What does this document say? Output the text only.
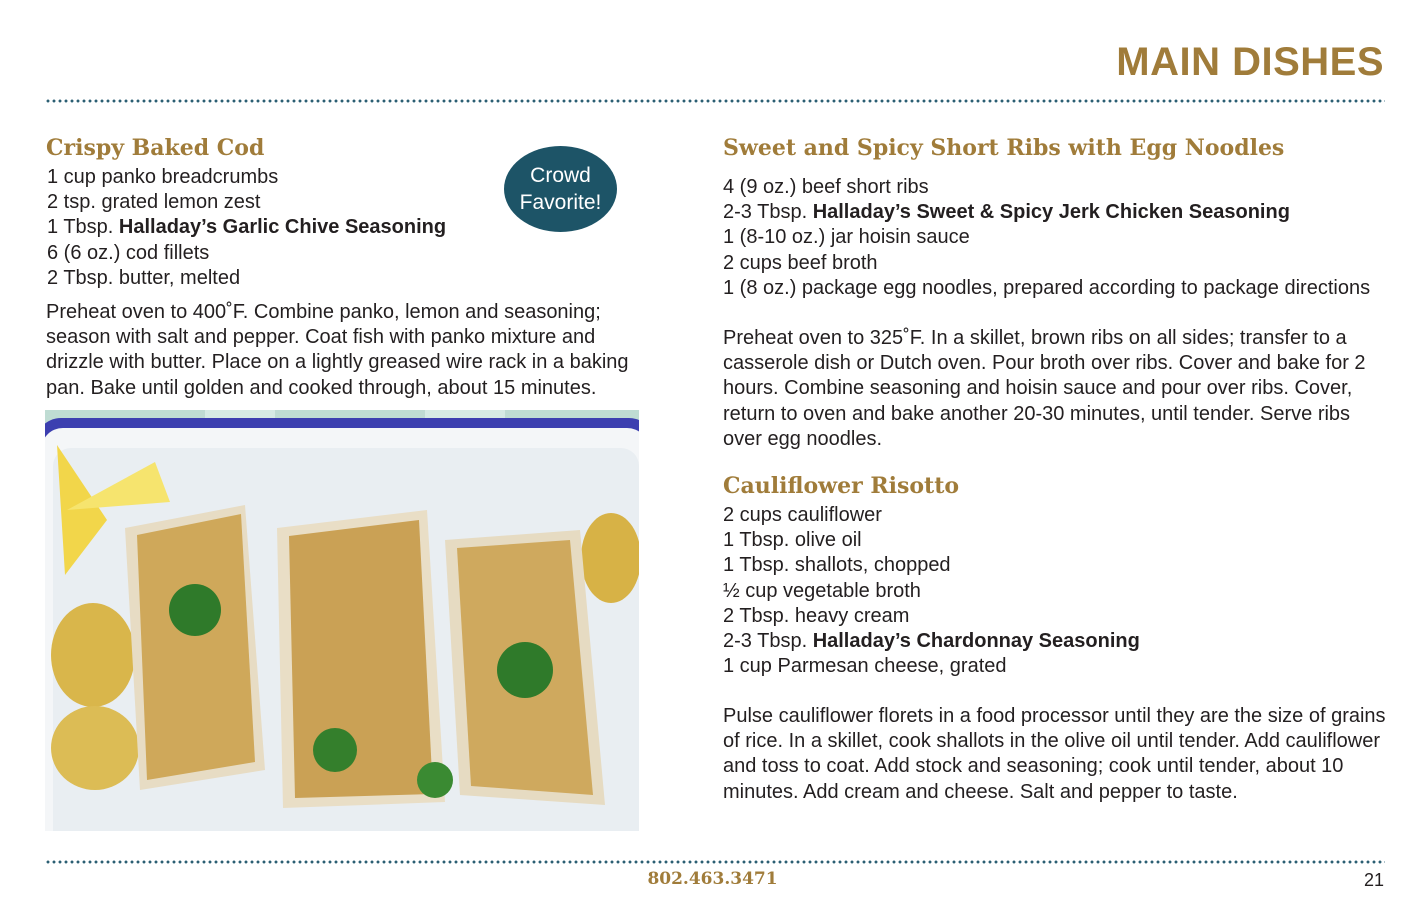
MAIN DISHES
Crispy Baked Cod
1 cup panko breadcrumbs
2 tsp. grated lemon zest
1 Tbsp. Halladay’s Garlic Chive Seasoning
6 (6 oz.) cod fillets
2 Tbsp. butter, melted
Crowd
Favorite!

Preheat oven to 400˚F. Combine panko, lemon and seasoning; season with salt and pepper. Coat fish with panko mixture and drizzle with butter. Place on a lightly greased wire rack in a baking pan. Bake until golden and cooked through, about 15 minutes.

Sweet and Spicy Short Ribs with Egg Noodles
4 (9 oz.) beef short ribs
2-3 Tbsp. Halladay’s Sweet & Spicy Jerk Chicken Seasoning
1 (8-10 oz.) jar hoisin sauce
2 cups beef broth
1 (8 oz.) package egg noodles, prepared according to package directions

Preheat oven to 325˚F. In a skillet, brown ribs on all sides; transfer to a casserole dish or Dutch oven. Pour broth over ribs. Cover and bake for 2 hours. Combine seasoning and hoisin sauce and pour over ribs. Cover, return to oven and bake another 20-30 minutes, until tender. Serve ribs over egg noodles.

Cauliflower Risotto
2 cups cauliflower
1 Tbsp. olive oil
1 Tbsp. shallots, chopped
½ cup vegetable broth
2 Tbsp. heavy cream
2-3 Tbsp. Halladay’s Chardonnay Seasoning
1 cup Parmesan cheese, grated

Pulse cauliflower florets in a food processor until they are the size of grains of rice. In a skillet, cook shallots in the olive oil until tender. Add cauliflower and toss to coat. Add stock and seasoning; cook until tender, about 10 minutes. Add cream and cheese. Salt and pepper to taste.

802.463.3471	21
